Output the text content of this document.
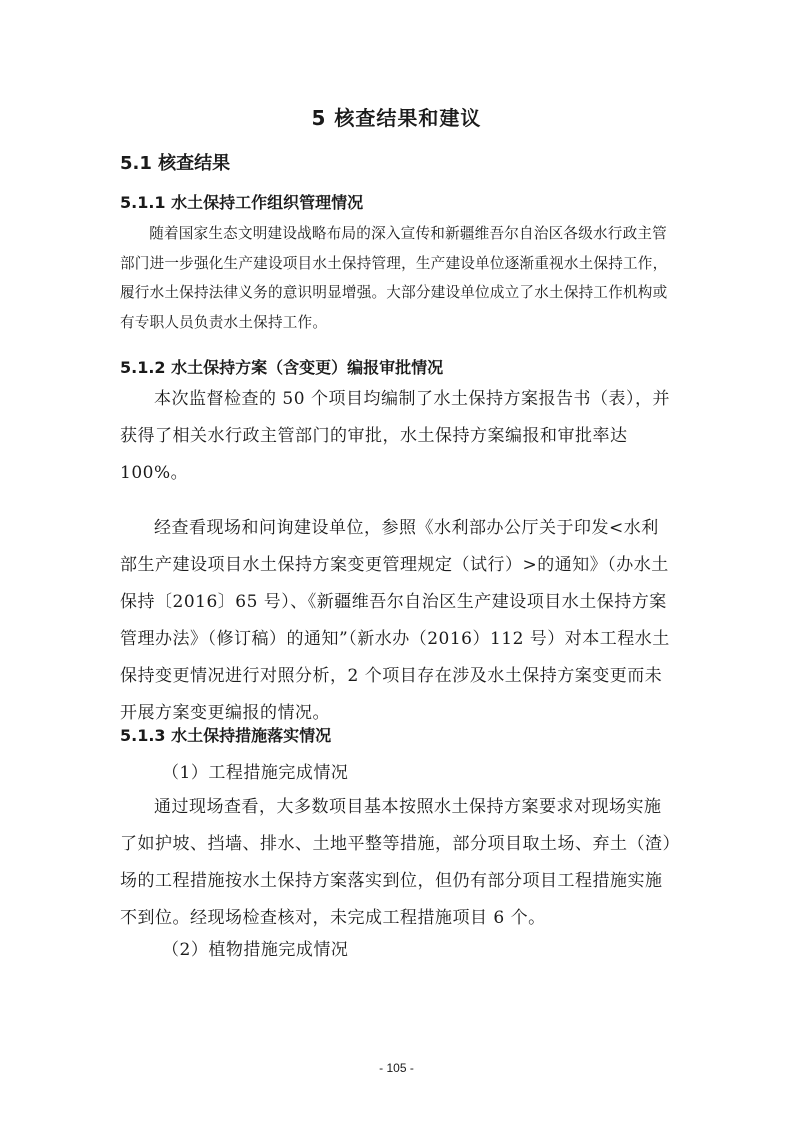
5 核查结果和建议
5.1 核查结果
5.1.1 水土保持工作组织管理情况

随着国家生态文明建设战略布局的深入宣传和新疆维吾尔自治区各级水行政主管部门进一步强化生产建设项目水土保持管理，生产建设单位逐渐重视水土保持工作，履行水土保持法律义务的意识明显增强。大部分建设单位成立了水土保持工作机构或有专职人员负责水土保持工作。

5.1.2 水土保持方案（含变更）编报审批情况

本次监督检查的 50 个项目均编制了水土保持方案报告书（表），并获得了相关水行政主管部门的审批，水土保持方案编报和审批率达 100%。

经查看现场和问询建设单位，参照《水利部办公厅关于印发<水利部生产建设项目水土保持方案变更管理规定（试行）>的通知》（办水土保持〔2016〕65 号）、《新疆维吾尔自治区生产建设项目水土保持方案管理办法》（修订稿）的通知”（新水办（2016）112 号）对本工程水土保持变更情况进行对照分析，2 个项目存在涉及水土保持方案变更而未开展方案变更编报的情况。

5.1.3 水土保持措施落实情况
（1）工程措施完成情况

通过现场查看，大多数项目基本按照水土保持方案要求对现场实施了如护坡、挡墙、排水、土地平整等措施，部分项目取土场、弃土（渣）场的工程措施按水土保持方案落实到位，但仍有部分项目工程措施实施不到位。经现场检查核对，未完成工程措施项目 6 个。

（2）植物措施完成情况
- 105 -
